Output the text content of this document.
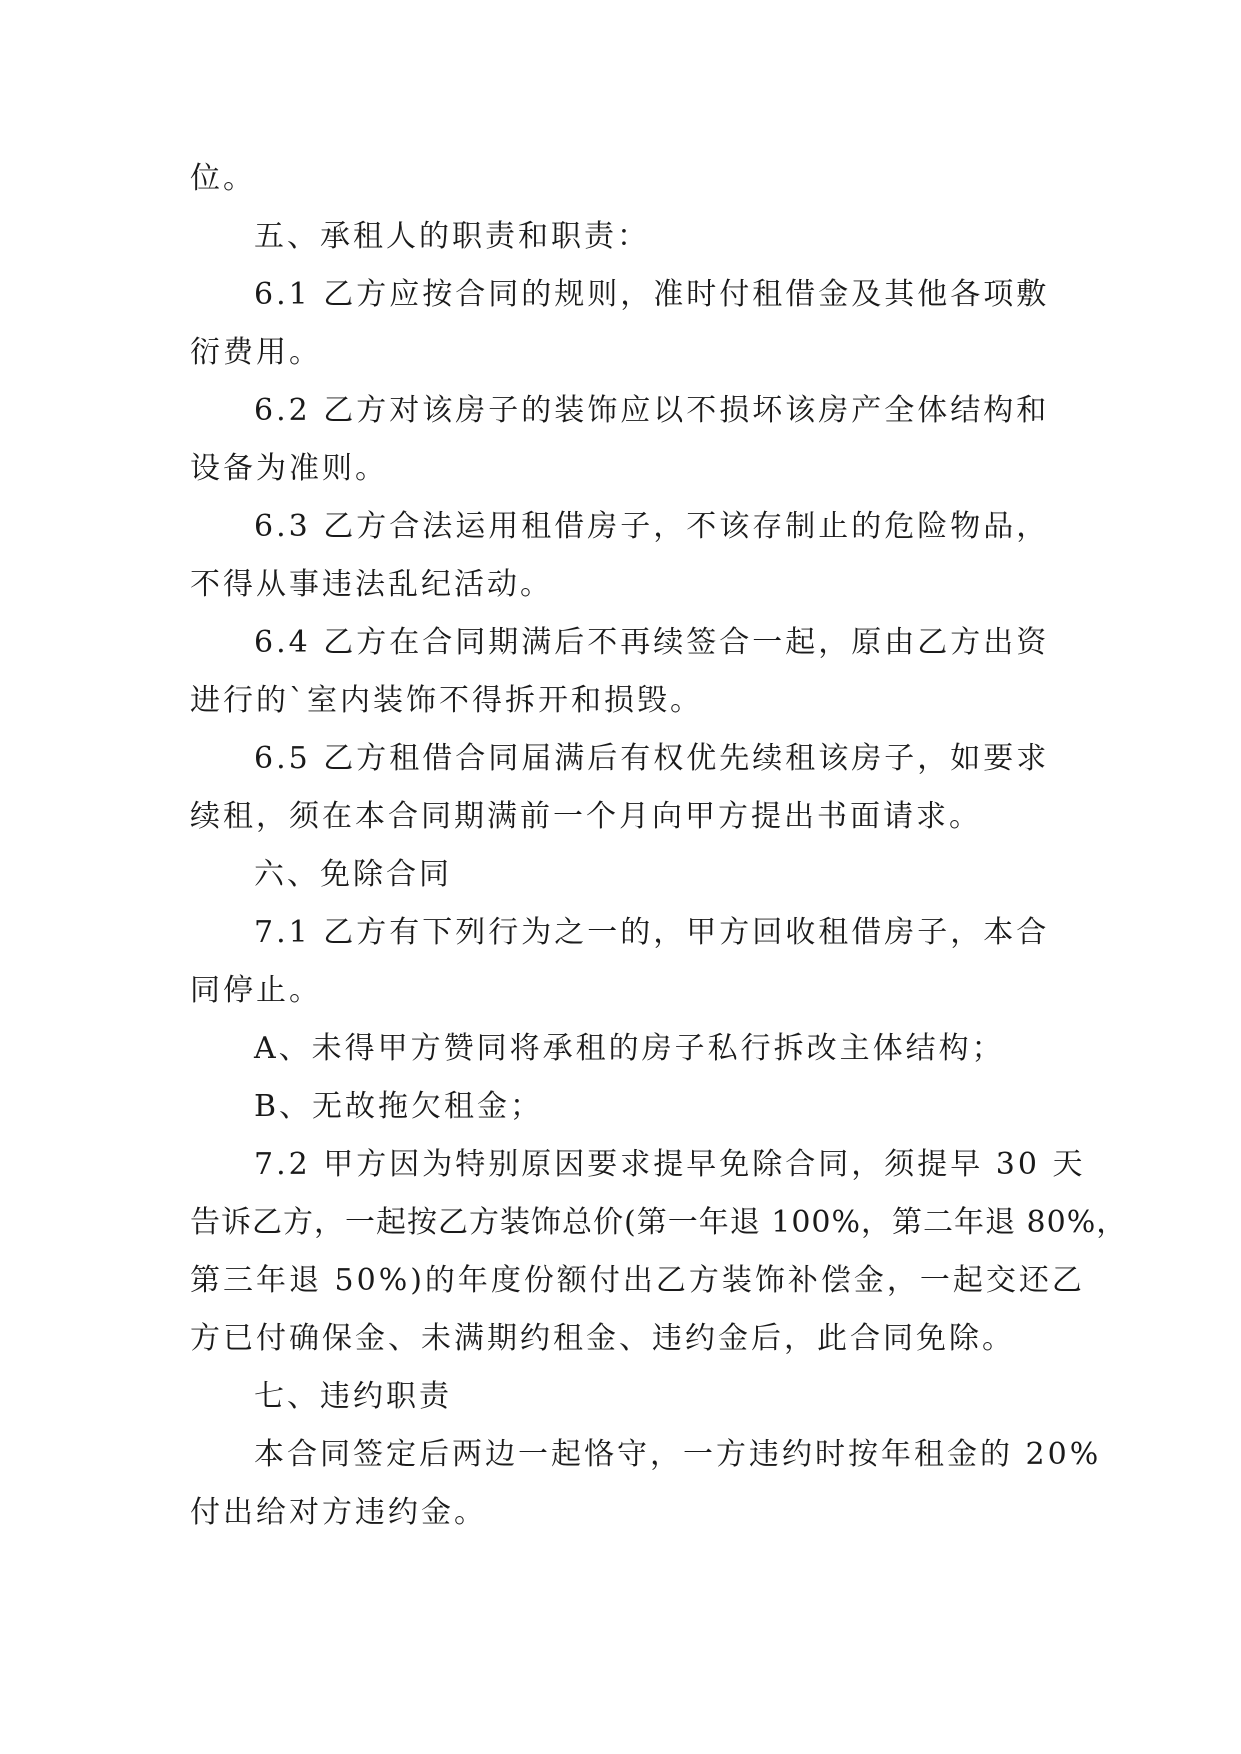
位。
五、承租人的职责和职责：
6.1 乙方应按合同的规则，准时付租借金及其他各项敷
衍费用。
6.2 乙方对该房子的装饰应以不损坏该房产全体结构和
设备为准则。
6.3 乙方合法运用租借房子，不该存制止的危险物品，
不得从事违法乱纪活动。
6.4 乙方在合同期满后不再续签合一起，原由乙方出资
进行的`室内装饰不得拆开和损毁。
6.5 乙方租借合同届满后有权优先续租该房子，如要求
续租，须在本合同期满前一个月向甲方提出书面请求。
六、免除合同
7.1 乙方有下列行为之一的，甲方回收租借房子，本合
同停止。
A、未得甲方赞同将承租的房子私行拆改主体结构；
B、无故拖欠租金；
7.2 甲方因为特别原因要求提早免除合同，须提早 30 天
告诉乙方，一起按乙方装饰总价(第一年退 100%，第二年退 80%，
第三年退 50%)的年度份额付出乙方装饰补偿金，一起交还乙
方已付确保金、未满期约租金、违约金后，此合同免除。
七、违约职责
本合同签定后两边一起恪守，一方违约时按年租金的 20%
付出给对方违约金。
